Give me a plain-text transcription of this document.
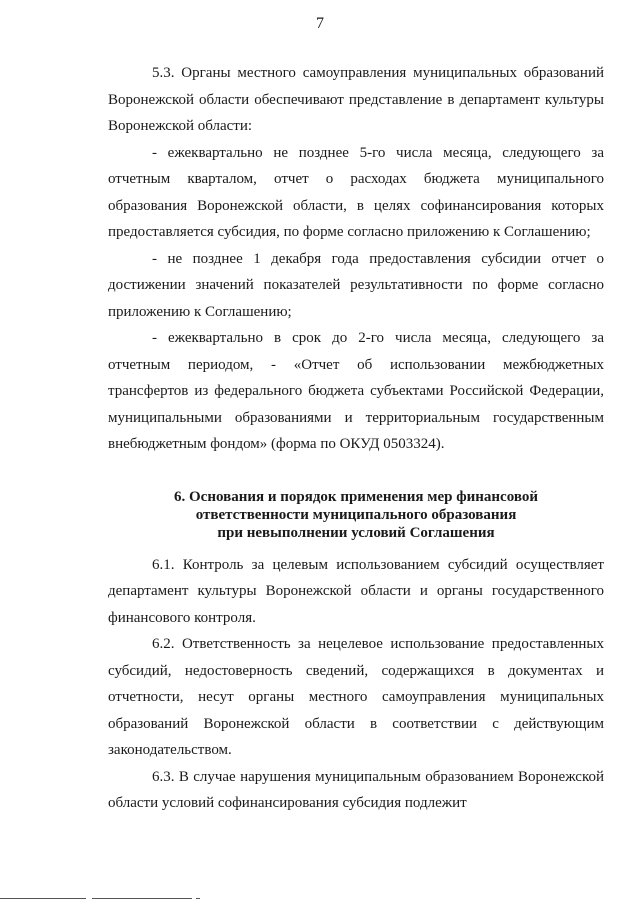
7

5.3. Органы местного самоуправления муниципальных образований Воронежской области обеспечивают представление в департамент культуры Воронежской области:

- ежеквартально не позднее 5-го числа месяца, следующего за отчетным кварталом, отчет о расходах бюджета муниципального образования Воронежской области, в целях софинансирования которых предоставляется субсидия, по форме согласно приложению к Соглашению;

- не позднее 1 декабря года предоставления субсидии отчет о достижении значений показателей результативности по форме согласно приложению к Соглашению;

- ежеквартально в срок до 2-го числа месяца, следующего за отчетным периодом, - «Отчет об использовании межбюджетных трансфертов из федерального бюджета субъектами Российской Федерации, муниципальными образованиями и территориальным государственным внебюджетным фондом» (форма по ОКУД 0503324).

6. Основания и порядок применения мер финансовой
ответственности муниципального образования
при невыполнении условий Соглашения

6.1. Контроль за целевым использованием субсидий осуществляет департамент культуры Воронежской области и органы государственного финансового контроля.

6.2. Ответственность за нецелевое использование предоставленных субсидий, недостоверность сведений, содержащихся в документах и отчетности, несут органы местного самоуправления муниципальных образований Воронежской области в соответствии с действующим законодательством.

6.3. В случае нарушения муниципальным образованием Воронежской области условий софинансирования субсидия подлежит
